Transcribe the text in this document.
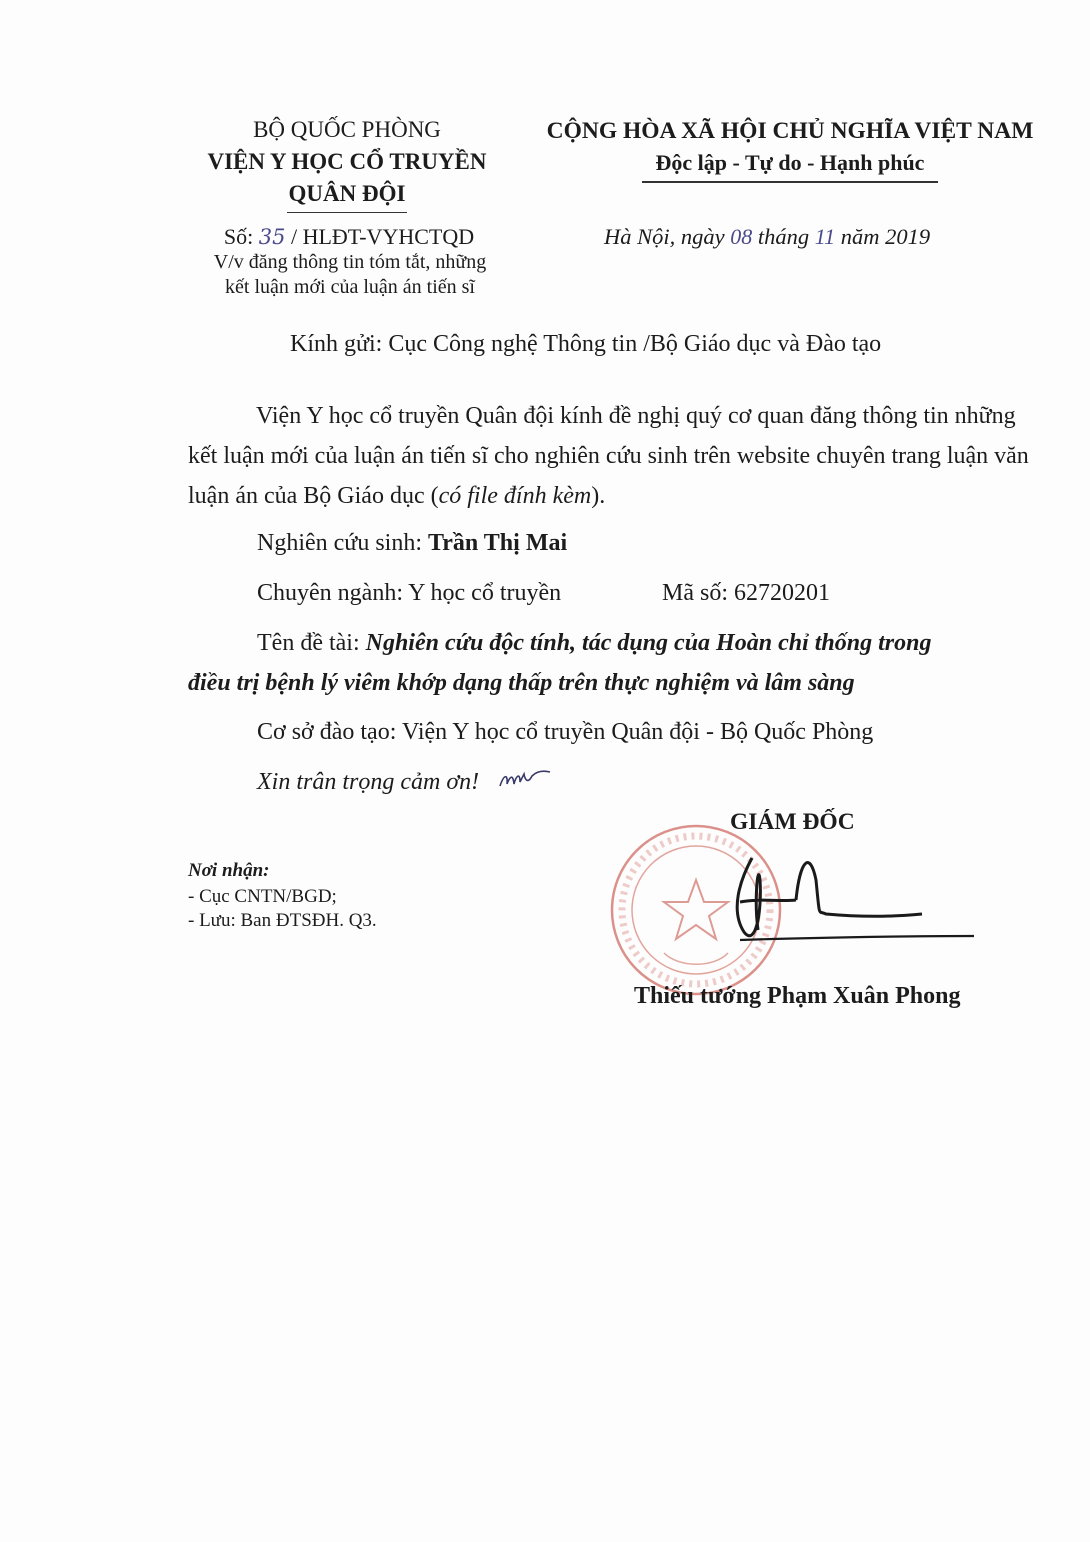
BỘ QUỐC PHÒNG
VIỆN Y HỌC CỔ TRUYỀN
QUÂN ĐỘI
CỘNG HÒA XÃ HỘI CHỦ NGHĨA VIỆT NAM
Độc lập - Tự do - Hạnh phúc
Số: 35 / HLĐT-VYHCTQD
V/v đăng thông tin tóm tắt, những
kết luận mới của luận án tiến sĩ
Hà Nội, ngày 08 tháng 11 năm 2019
Kính gửi: Cục Công nghệ Thông tin /Bộ Giáo dục và Đào tạo
Viện Y học cổ truyền Quân đội kính đề nghị quý cơ quan đăng thông tin những kết luận mới của luận án tiến sĩ cho nghiên cứu sinh trên website chuyên trang luận văn luận án của Bộ Giáo dục (có file đính kèm).
Nghiên cứu sinh: Trần Thị Mai
Chuyên ngành: Y học cổ truyền	Mã số: 62720201
Tên đề tài: Nghiên cứu độc tính, tác dụng của Hoàn chỉ thống trong
điều trị bệnh lý viêm khớp dạng thấp trên thực nghiệm và lâm sàng
Cơ sở đào tạo: Viện Y học cổ truyền Quân đội - Bộ Quốc Phòng
Xin trân trọng cảm ơn!
Nơi nhận:
- Cục CNTN/BGD;
- Lưu: Ban ĐTSĐH. Q3.
GIÁM ĐỐC
Thiếu tướng Phạm Xuân Phong
